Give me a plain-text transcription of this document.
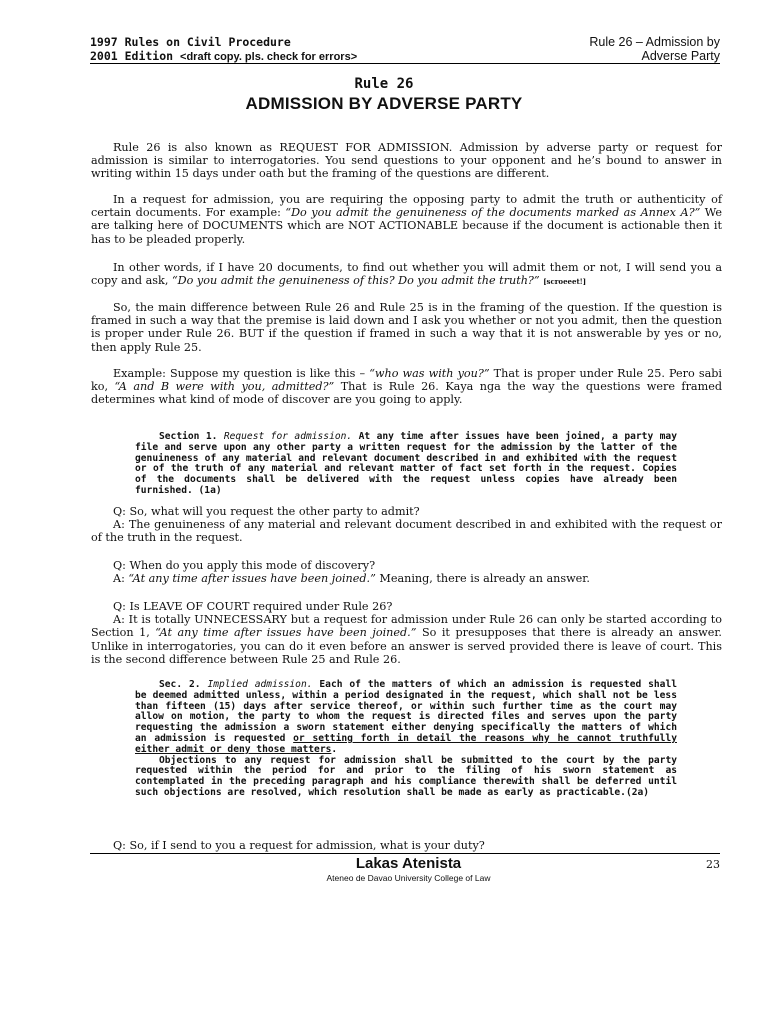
1997 Rules on Civil Procedure
2001 Edition <draft copy. pls. check for errors>
Rule 26 – Admission by
Adverse Party
Rule 26
ADMISSION BY ADVERSE PARTY

Rule 26 is also known as REQUEST FOR ADMISSION. Admission by adverse party or request for admission is similar to interrogatories. You send questions to your opponent and he’s bound to answer in writing within 15 days under oath but the framing of the questions are different.

In a request for admission, you are requiring the opposing party to admit the truth or authenticity of certain documents. For example: “Do you admit the genuineness of the documents marked as Annex A?” We are talking here of DOCUMENTS which are NOT ACTIONABLE because if the document is actionable then it has to be pleaded properly.

In other words, if I have 20 documents, to find out whether you will admit them or not, I will send you a copy and ask, “Do you admit the genuineness of this? Do you admit the truth?” [scroeeet!]

So, the main difference between Rule 26 and Rule 25 is in the framing of the question. If the question is framed in such a way that the premise is laid down and I ask you whether or not you admit, then the question is proper under Rule 26. BUT if the question if framed in such a way that it is not answerable by yes or no, then apply Rule 25.

Example: Suppose my question is like this – “who was with you?” That is proper under Rule 25. Pero sabi ko, “A and B were with you, admitted?” That is Rule 26. Kaya nga the way the questions were framed determines what kind of mode of discover are you going to apply.

Section 1. Request for admission. At any time after issues have been joined, a party may file and serve upon any other party a written request for the admission by the latter of the genuineness of any material and relevant document described in and exhibited with the request or of the truth of any material and relevant matter of fact set forth in the request. Copies of the documents shall be delivered with the request unless copies have already been furnished. (1a)

Q: So, what will you request the other party to admit?

A: The genuineness of any material and relevant document described in and exhibited with the request or of the truth in the request.

Q: When do you apply this mode of discovery?

A: “At any time after issues have been joined.” Meaning, there is already an answer.

Q: Is LEAVE OF COURT required under Rule 26?

A: It is totally UNNECESSARY but a request for admission under Rule 26 can only be started according to Section 1, “At any time after issues have been joined.” So it presupposes that there is already an answer. Unlike in interrogatories, you can do it even before an answer is served provided there is leave of court. This is the second difference between Rule 25 and Rule 26.

Sec. 2. Implied admission. Each of the matters of which an admission is requested shall be deemed admitted unless, within a period designated in the request, which shall not be less than fifteen (15) days after service thereof, or within such further time as the court may allow on motion, the party to whom the request is directed files and serves upon the party requesting the admission a sworn statement either denying specifically the matters of which an admission is requested or setting forth in detail the reasons why he cannot truthfully either admit or deny those matters.

Objections to any request for admission shall be submitted to the court by the party requested within the period for and prior to the filing of his sworn statement as contemplated in the preceding paragraph and his compliance therewith shall be deferred until such objections are resolved, which resolution shall be made as early as practicable.(2a)

Q: So, if I send to you a request for admission, what is your duty?

Lakas Atenista
Ateneo de Davao University College of Law
23
